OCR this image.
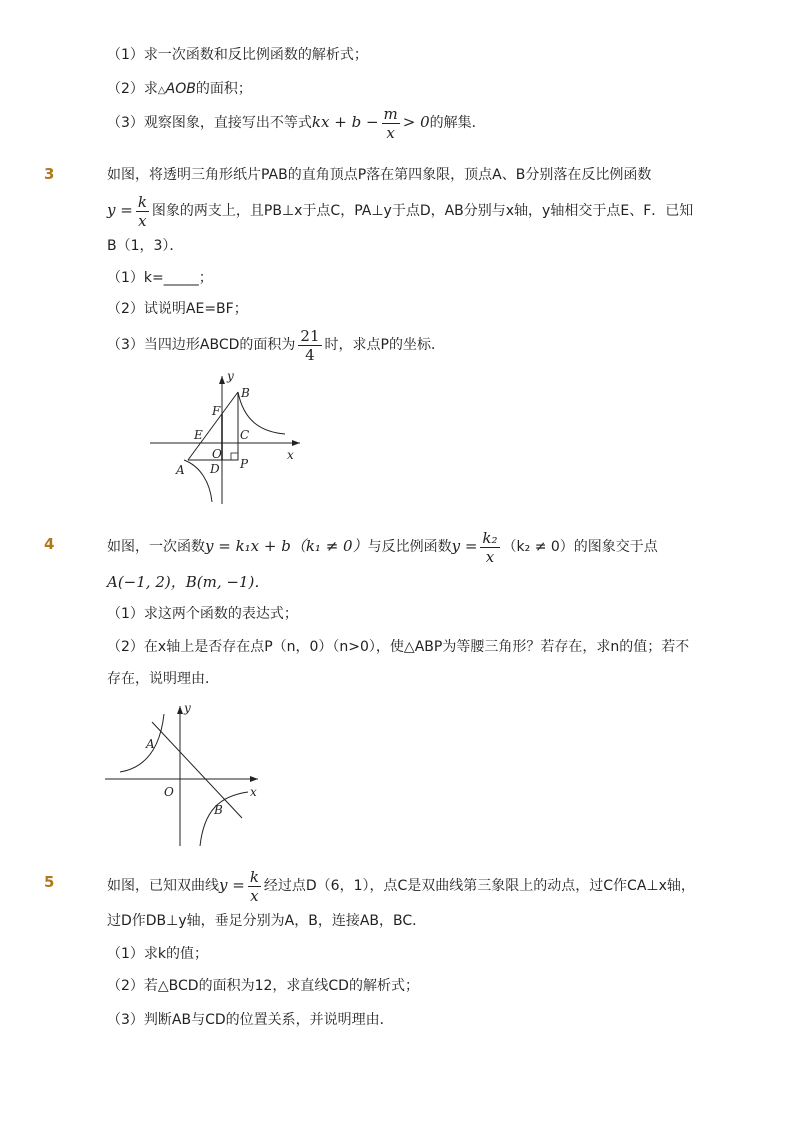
（1）求一次函数和反比例函数的解析式；
（2）求△AOB的面积；
（3）观察图象，直接写出不等式kx + $b - \frac{m}{x} > 0$的解集．
3	如图，将透明三角形纸片PAB的直角顶点P落在第四象限，顶点A、B分别落在反比例函数
$y = \frac{k}{x}$ 图象的两支上，且PB⊥x于点C，PA⊥y于点D，AB分别与x轴，y轴相交于点E、F．已知
B（1，3）．
（1）k=_____；
（2）试说明AE=BF；
（3）当四边形ABCD的面积为 $\frac{21}{4}$ 时，求点P的坐标．
y
B
F
E	C
O	x
A D P
4	如图，一次函数y = k₁x + b（k₁ ≠ 0）与反比例函数$y = \frac{\text{k₂}}{x} (k_2 \ne 0)$的图象交于点
A(−1, 2)，B(m, −1)．
（1）求这两个函数的表达式；
（2）在x轴上是否存在点P（n，0）（n>0），使△ABP为等腰三角形？若存在，求n的值；若不
存在，说明理由．
y
A
O	x
B
5	如图，已知双曲线$y = \frac{k}{x}$ 经过点D（6，1），点C是双曲线第三象限上的动点，过C作CA⊥x轴，
过D作DB⊥y轴，垂足分别为A，B，连接AB，BC．
（1）求k的值；
（2）若△BCD的面积为12，求直线CD的解析式；
（3）判断AB与CD的位置关系，并说明理由．
